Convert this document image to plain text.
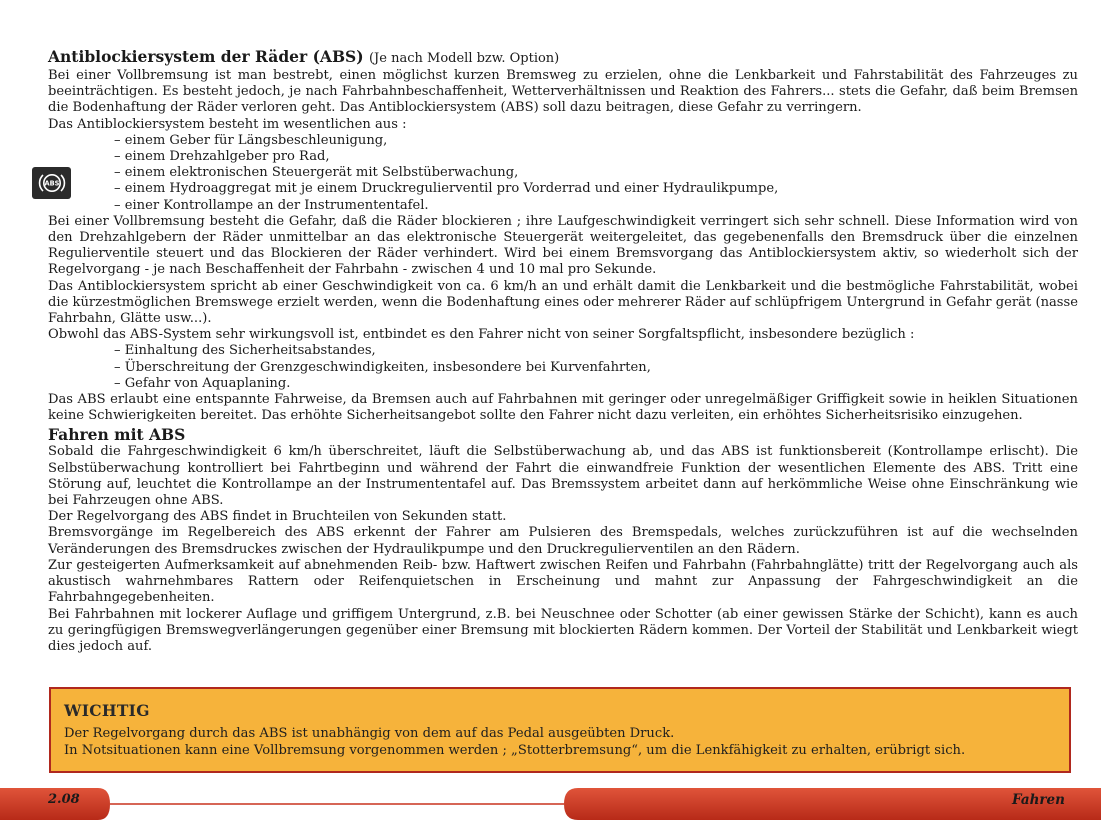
Antiblockiersystem der Räder (ABS) (Je nach Modell bzw. Option)

Bei einer Vollbremsung ist man bestrebt, einen möglichst kurzen Bremsweg zu erzielen, ohne die Lenkbarkeit und Fahrstabilität des Fahrzeuges zu beeinträchtigen. Es besteht jedoch, je nach Fahrbahnbeschaffenheit, Wetterverhältnissen und Reaktion des Fahrers... stets die Gefahr, daß beim Bremsen die Bodenhaftung der Räder verloren geht. Das Antiblockiersystem (ABS) soll dazu beitragen, diese Gefahr zu verringern.

Das Antiblockiersystem besteht im wesentlichen aus :

– einem Geber für Längsbeschleunigung,
– einem Drehzahlgeber pro Rad,
– einem elektronischen Steuergerät mit Selbstüberwachung,
– einem Hydroaggregat mit je einem Druckregulierventil pro Vorderrad und einer Hydraulikpumpe,
– einer Kontrollampe an der Instrumententafel.

Bei einer Vollbremsung besteht die Gefahr, daß die Räder blockieren ; ihre Laufgeschwindigkeit verringert sich sehr schnell. Diese Information wird von den Drehzahlgebern der Räder unmittelbar an das elektronische Steuergerät weitergeleitet, das gegebenenfalls den Bremsdruck über die einzelnen Regulierventile steuert und das Blockieren der Räder verhindert. Wird bei einem Bremsvorgang das Antiblockiersystem aktiv, so wiederholt sich der Regelvorgang - je nach Beschaffenheit der Fahrbahn - zwischen 4 und 10 mal pro Sekunde.

Das Antiblockiersystem spricht ab einer Geschwindigkeit von ca. 6 km/h an und erhält damit die Lenkbarkeit und die bestmögliche Fahrstabilität, wobei die kürzestmöglichen Bremswege erzielt werden, wenn die Bodenhaftung eines oder mehrerer Räder auf schlüpfrigem Untergrund in Gefahr gerät (nasse Fahrbahn, Glätte usw...).

Obwohl das ABS-System sehr wirkungsvoll ist, entbindet es den Fahrer nicht von seiner Sorgfaltspflicht, insbesondere bezüglich :

– Einhaltung des Sicherheitsabstandes,
– Überschreitung der Grenzgeschwindigkeiten, insbesondere bei Kurvenfahrten,
– Gefahr von Aquaplaning.

Das ABS erlaubt eine entspannte Fahrweise, da Bremsen auch auf Fahrbahnen mit geringer oder unregelmäßiger Griffigkeit sowie in heiklen Situationen keine Schwierigkeiten bereitet. Das erhöhte Sicherheitsangebot sollte den Fahrer nicht dazu verleiten, ein erhöhtes Sicherheitsrisiko einzugehen.

Fahren mit ABS

Sobald die Fahrgeschwindigkeit 6 km/h überschreitet, läuft die Selbstüberwachung ab, und das ABS ist funktionsbereit (Kontrollampe erlischt). Die Selbstüberwachung kontrolliert bei Fahrtbeginn und während der Fahrt die einwandfreie Funktion der wesentlichen Elemente des ABS. Tritt eine Störung auf, leuchtet die Kontrollampe an der Instrumententafel auf. Das Bremssystem arbeitet dann auf herkömmliche Weise ohne Einschränkung wie bei Fahrzeugen ohne ABS.

Der Regelvorgang des ABS findet in Bruchteilen von Sekunden statt.

Bremsvorgänge im Regelbereich des ABS erkennt der Fahrer am Pulsieren des Bremspedals, welches zurückzuführen ist auf die wechselnden Veränderungen des Bremsdruckes zwischen der Hydraulikpumpe und den Druckregulierventilen an den Rädern.

Zur gesteigerten Aufmerksamkeit auf abnehmenden Reib- bzw. Haftwert zwischen Reifen und Fahrbahn (Fahrbahnglätte) tritt der Regelvorgang auch als akustisch wahrnehmbares Rattern oder Reifenquietschen in Erscheinung und mahnt zur Anpassung der Fahrgeschwindigkeit an die Fahrbahngegebenheiten.

Bei Fahrbahnen mit lockerer Auflage und griffigem Untergrund, z.B. bei Neuschnee oder Schotter (ab einer gewissen Stärke der Schicht), kann es auch zu geringfügigen Bremswegverlängerungen gegenüber einer Bremsung mit blockierten Rädern kommen. Der Vorteil der Stabilität und Lenkbarkeit wiegt dies jedoch auf.

ABS

WICHTIG

Der Regelvorgang durch das ABS ist unabhängig von dem auf das Pedal ausgeübten Druck.

In Notsituationen kann eine Vollbremsung vorgenommen werden ; „Stotterbremsung“, um die Lenkfähigkeit zu erhalten, erübrigt sich.

2.08	Fahren
